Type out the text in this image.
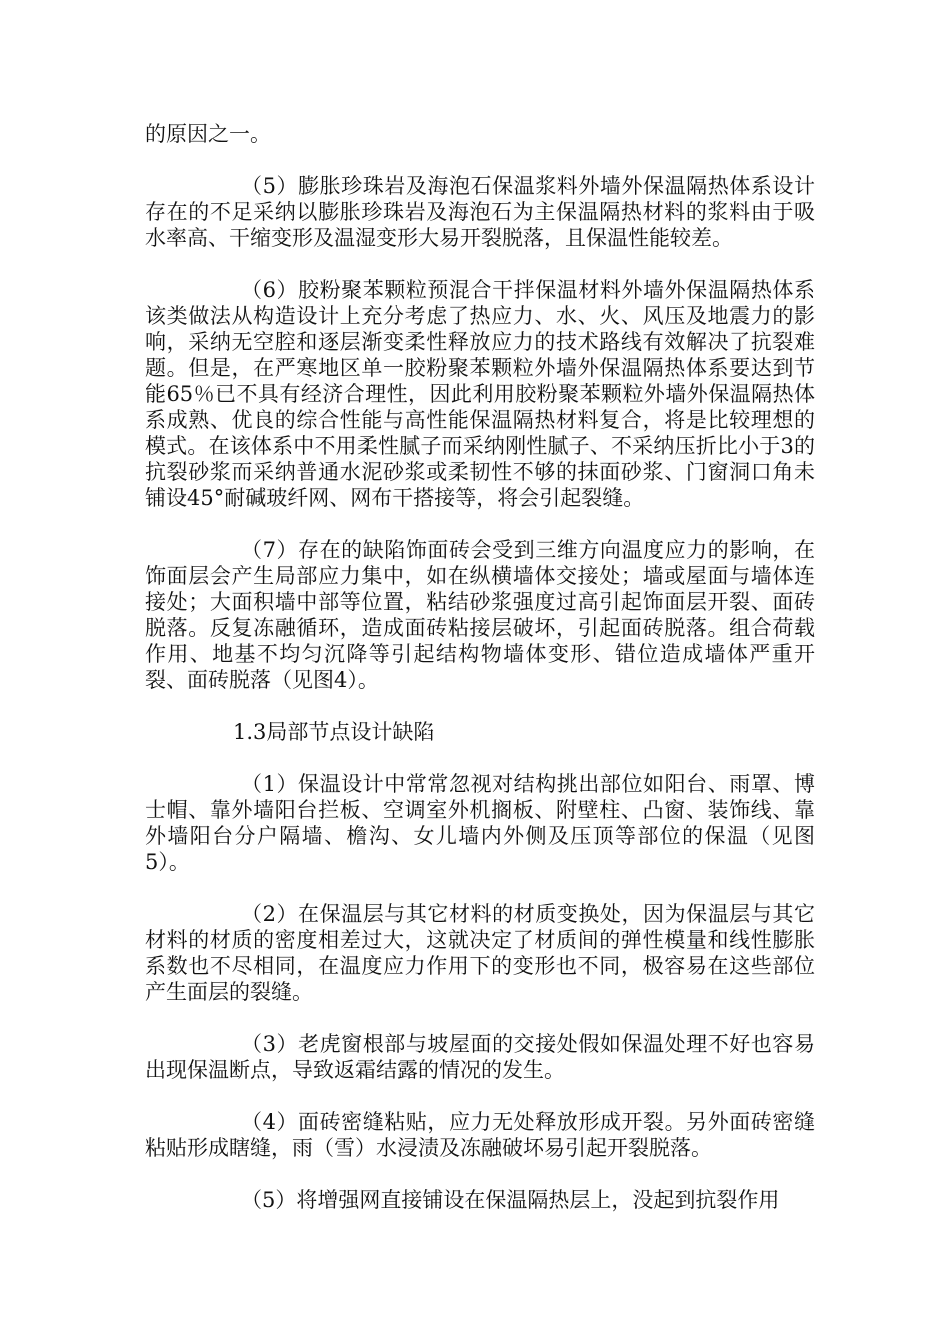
的原因之一。

（5）膨胀珍珠岩及海泡石保温浆料外墙外保温隔热体系设计存在的不足采纳以膨胀珍珠岩及海泡石为主保温隔热材料的浆料由于吸水率高、干缩变形及温湿变形大易开裂脱落，且保温性能较差。

（6）胶粉聚苯颗粒预混合干拌保温材料外墙外保温隔热体系该类做法从构造设计上充分考虑了热应力、水、火、风压及地震力的影响，采纳无空腔和逐层渐变柔性释放应力的技术路线有效解决了抗裂难题。但是，在严寒地区单一胶粉聚苯颗粒外墙外保温隔热体系要达到节能65％已不具有经济合理性，因此利用胶粉聚苯颗粒外墙外保温隔热体系成熟、优良的综合性能与高性能保温隔热材料复合，将是比较理想的模式。在该体系中不用柔性腻子而采纳刚性腻子、不采纳压折比小于3的抗裂砂浆而采纳普通水泥砂浆或柔韧性不够的抹面砂浆、门窗洞口角未铺设45°耐碱玻纤网、网布干搭接等，将会引起裂缝。

（7）存在的缺陷饰面砖会受到三维方向温度应力的影响，在饰面层会产生局部应力集中，如在纵横墙体交接处；墙或屋面与墙体连接处；大面积墙中部等位置，粘结砂浆强度过高引起饰面层开裂、面砖脱落。反复冻融循环，造成面砖粘接层破坏，引起面砖脱落。组合荷载作用、地基不均匀沉降等引起结构物墙体变形、错位造成墙体严重开裂、面砖脱落（见图4）。

1.3局部节点设计缺陷

（1）保温设计中常常忽视对结构挑出部位如阳台、雨罩、博士帽、靠外墙阳台拦板、空调室外机搁板、附壁柱、凸窗、装饰线、靠外墙阳台分户隔墙、檐沟、女儿墙内外侧及压顶等部位的保温（见图5）。

（2）在保温层与其它材料的材质变换处，因为保温层与其它材料的材质的密度相差过大，这就决定了材质间的弹性模量和线性膨胀系数也不尽相同，在温度应力作用下的变形也不同，极容易在这些部位产生面层的裂缝。

（3）老虎窗根部与坡屋面的交接处假如保温处理不好也容易出现保温断点，导致返霜结露的情况的发生。

（4）面砖密缝粘贴，应力无处释放形成开裂。另外面砖密缝粘贴形成瞎缝，雨（雪）水浸渍及冻融破坏易引起开裂脱落。

（5）将增强网直接铺设在保温隔热层上，没起到抗裂作用
